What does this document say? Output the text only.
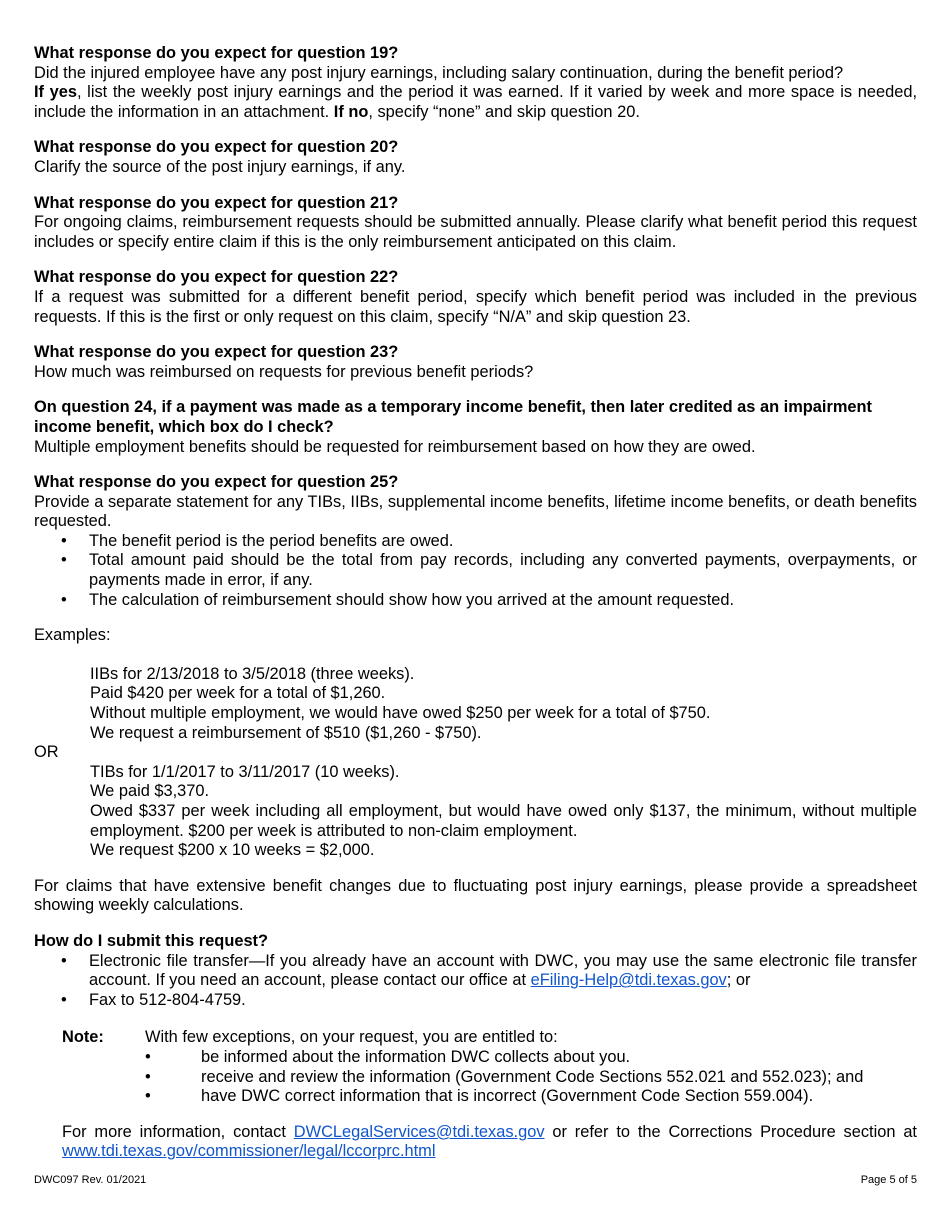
What response do you expect for question 19?

Did the injured employee have any post injury earnings, including salary continuation, during the benefit period?

If yes, list the weekly post injury earnings and the period it was earned. If it varied by week and more space is needed, include the information in an attachment. If no, specify “none” and skip question 20.

What response do you expect for question 20?

Clarify the source of the post injury earnings, if any.

What response do you expect for question 21?

For ongoing claims, reimbursement requests should be submitted annually. Please clarify what benefit period this request includes or specify entire claim if this is the only reimbursement anticipated on this claim.

What response do you expect for question 22?

If a request was submitted for a different benefit period, specify which benefit period was included in the previous requests. If this is the first or only request on this claim, specify “N/A” and skip question 23.

What response do you expect for question 23?

How much was reimbursed on requests for previous benefit periods?

On question 24, if a payment was made as a temporary income benefit, then later credited as an impairment income benefit, which box do I check?

Multiple employment benefits should be requested for reimbursement based on how they are owed.

What response do you expect for question 25?

Provide a separate statement for any TIBs, IIBs, supplemental income benefits, lifetime income benefits, or death benefits requested.

• The benefit period is the period benefits are owed.
• Total amount paid should be the total from pay records, including any converted payments, overpayments, or payments made in error, if any.
• The calculation of reimbursement should show how you arrived at the amount requested.

Examples:

IIBs for 2/13/2018 to 3/5/2018 (three weeks).
Paid $420 per week for a total of $1,260.
Without multiple employment, we would have owed $250 per week for a total of $750.
We request a reimbursement of $510 ($1,260 - $750).

OR

TIBs for 1/1/2017 to 3/11/2017 (10 weeks).
We paid $3,370.
Owed $337 per week including all employment, but would have owed only $137, the minimum, without multiple employment. $200 per week is attributed to non-claim employment.
We request $200 x 10 weeks = $2,000.

For claims that have extensive benefit changes due to fluctuating post injury earnings, please provide a spreadsheet showing weekly calculations.

How do I submit this request?
• Electronic file transfer—If you already have an account with DWC, you may use the same electronic file transfer account. If you need an account, please contact our office at eFiling-Help@tdi.texas.gov; or
• Fax to 512-804-4759.
Note:	With few exceptions, on your request, you are entitled to:
• be informed about the information DWC collects about you.
• receive and review the information (Government Code Sections 552.021 and 552.023); and
• have DWC correct information that is incorrect (Government Code Section 559.004).

For more information, contact DWCLegalServices@tdi.texas.gov or refer to the Corrections Procedure section at www.tdi.texas.gov/commissioner/legal/lccorprc.html

DWC097 Rev. 01/2021	Page 5 of 5
